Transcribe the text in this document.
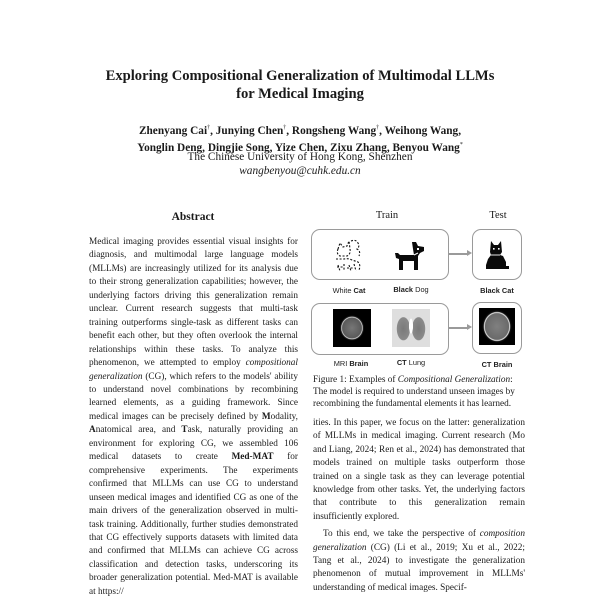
Exploring Compositional Generalization of Multimodal LLMs
for Medical Imaging
Zhenyang Cai†, Junying Chen†, Rongsheng Wang†, Weihong Wang,
Yonglin Deng, Dingjie Song, Yize Chen, Zixu Zhang, Benyou Wang*
The Chinese University of Hong Kong, Shenzhen
wangbenyou@cuhk.edu.cn
Abstract
Medical imaging provides essential visual insights for diagnosis, and multimodal large language models (MLLMs) are increasingly utilized for its analysis due to their strong generalization capabilities; however, the underlying factors driving this generalization remain unclear. Current research suggests that multi-task training outperforms single-task as different tasks can benefit each other, but they often overlook the internal relationships within these tasks. To analyze this phenomenon, we attempted to employ compositional generalization (CG), which refers to the models' ability to understand novel combinations by recombining learned elements, as a guiding framework. Since medical images can be precisely defined by Modality, Anatomical area, and Task, naturally providing an environment for exploring CG, we assembled 106 medical datasets to create Med-MAT for comprehensive experiments. The experiments confirmed that MLLMs can use CG to understand unseen medical images and identified CG as one of the main drivers of the generalization observed in multi-task training. Additionally, further studies demonstrated that CG effectively supports datasets with limited data and confirmed that MLLMs can achieve CG across classification and detection tasks, underscoring its broader generalization potential. Med-MAT is available at https://
Train	Test
White Cat	Black Dog	Black Cat
MRI Brain	CT Lung	CT Brain
Figure 1: Examples of Compositional Generalization: The model is required to understand unseen images by recombining the fundamental elements it has learned.

ities. In this paper, we focus on the latter: generalization of MLLMs in medical imaging. Current research (Mo and Liang, 2024; Ren et al., 2024) has demonstrated that models trained on multiple tasks outperform those trained on a single task as they can leverage potential knowledge from other tasks. Yet, the underlying factors that contribute to this generalization remain insufficiently explored.

To this end, we take the perspective of composition generalization (CG) (Li et al., 2019; Xu et al., 2022; Tang et al., 2024) to investigate the generalization phenomenon of mutual improvement in MLLMs' understanding of medical images. Specif-
